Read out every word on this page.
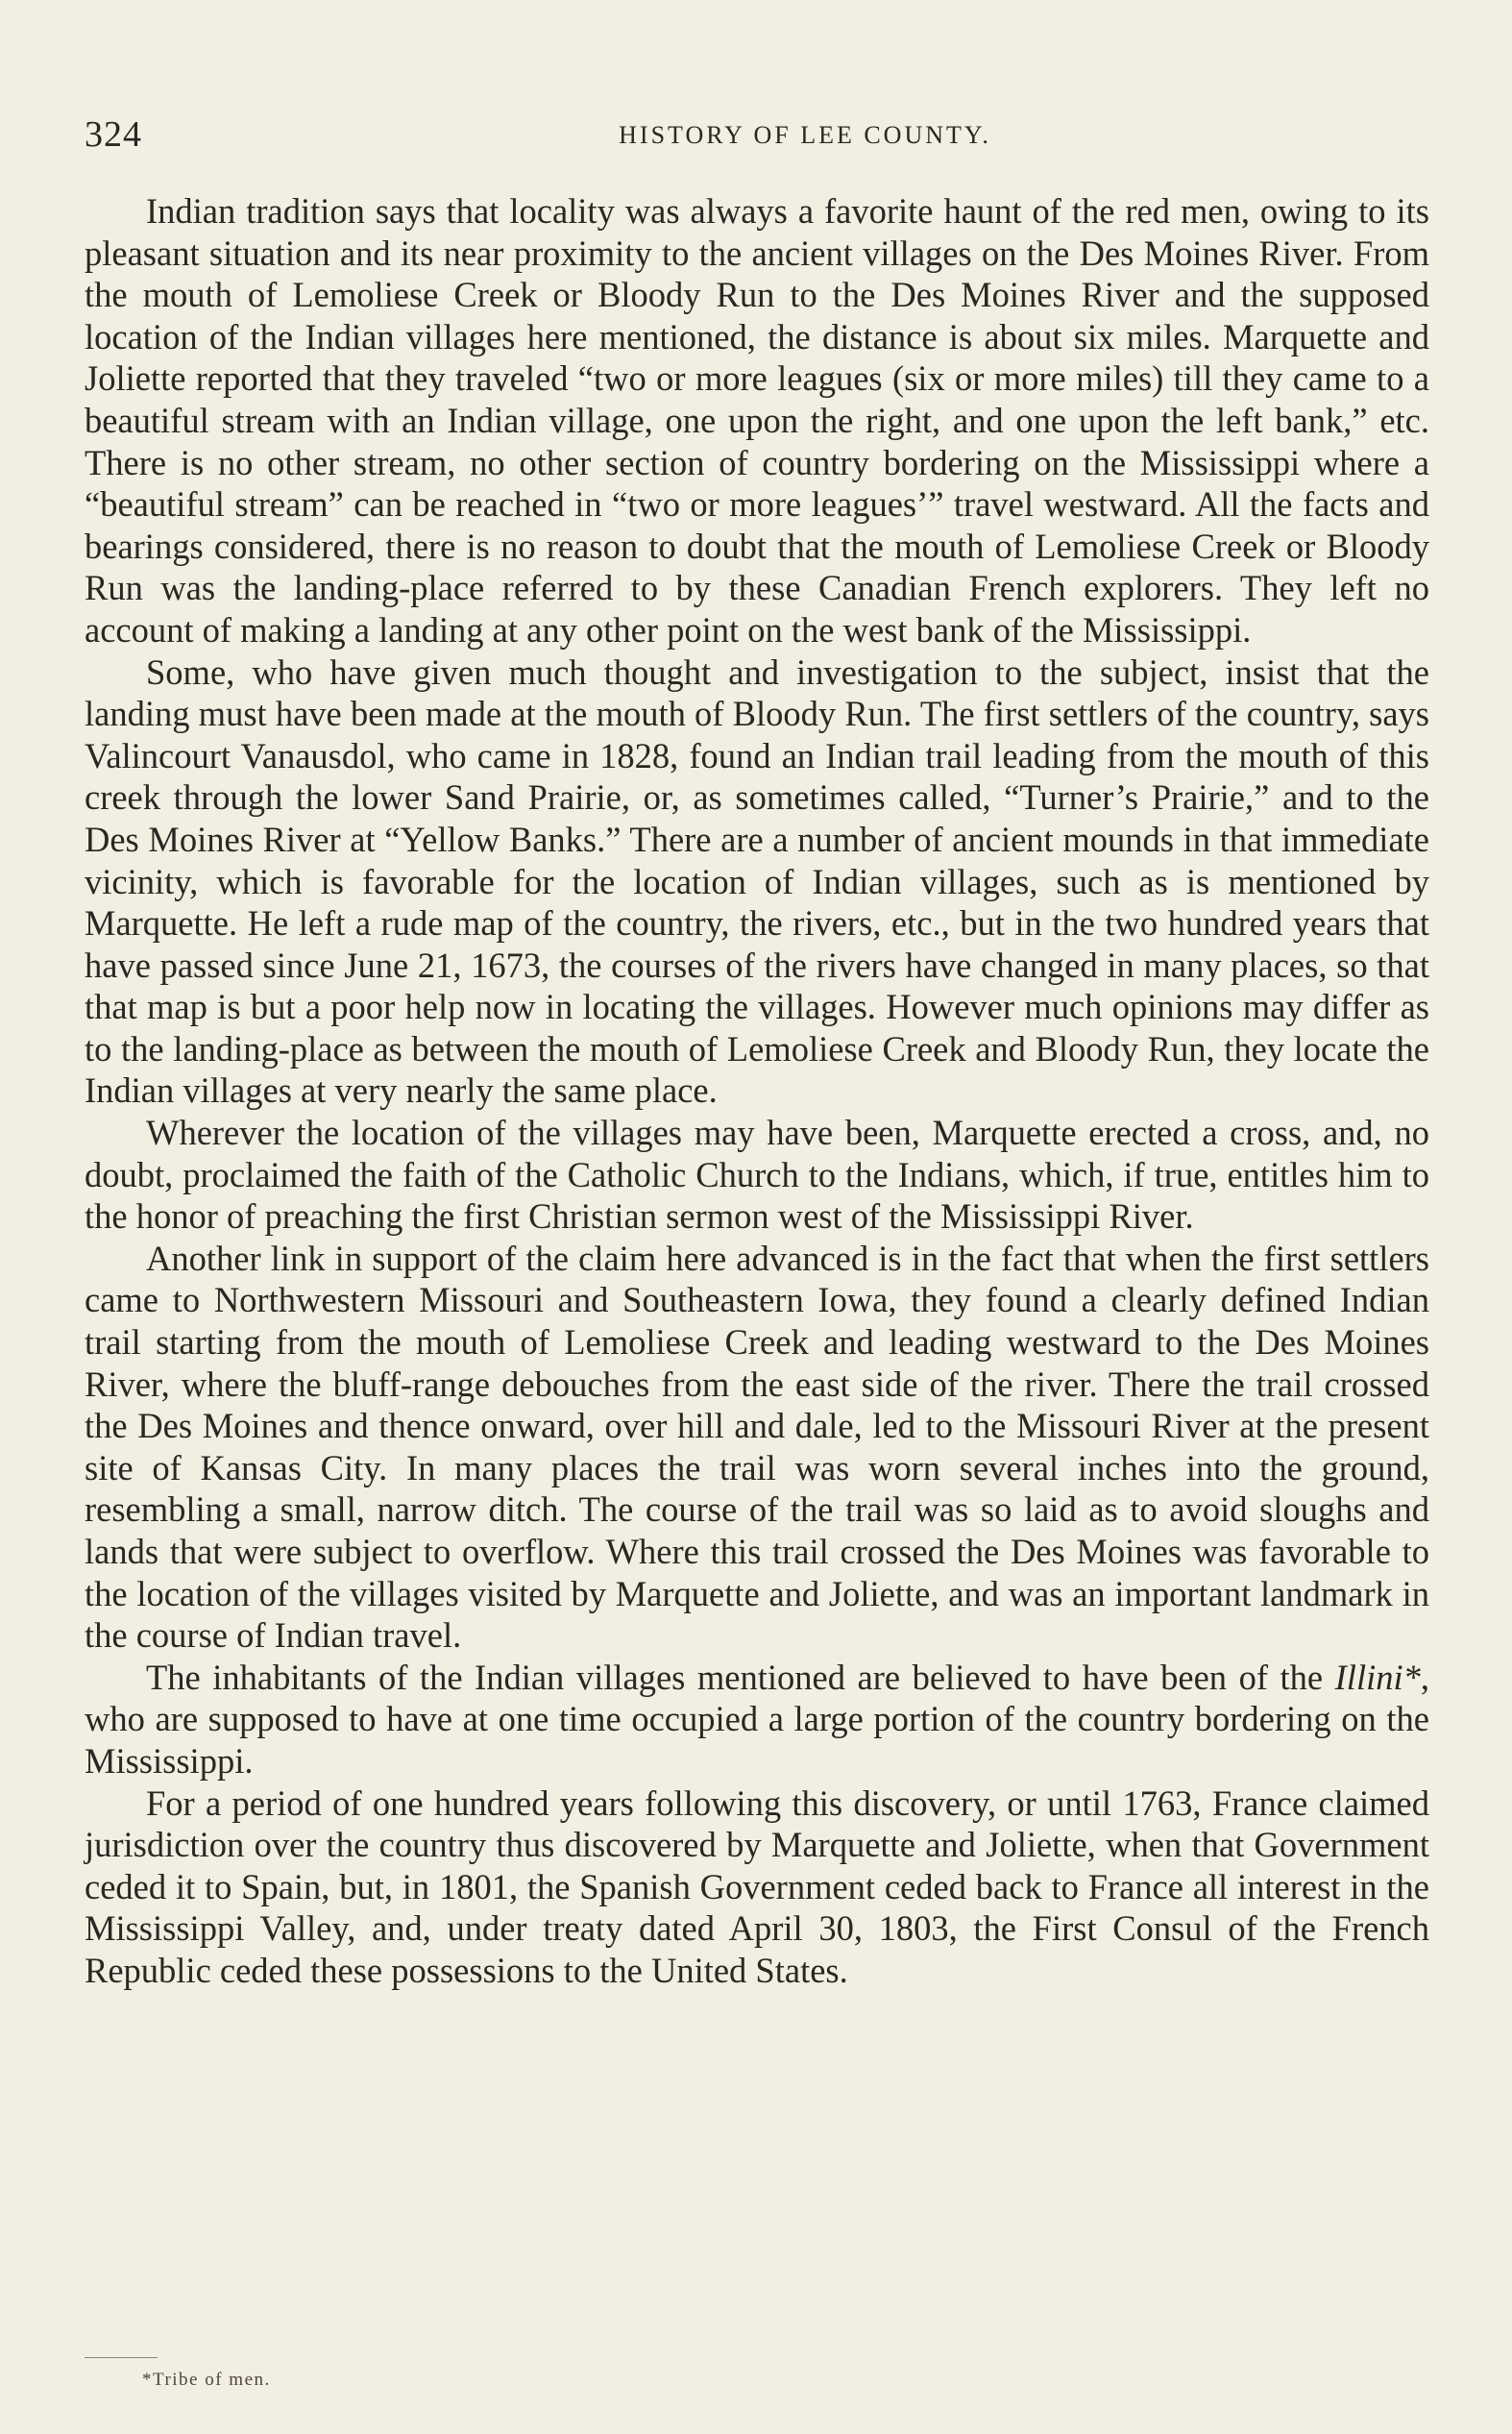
324	HISTORY OF LEE COUNTY.

Indian tradition says that locality was always a favorite haunt of the red men, owing to its pleasant situation and its near proximity to the ancient villages on the Des Moines River. From the mouth of Lemoliese Creek or Bloody Run to the Des Moines River and the supposed location of the Indian villages here mentioned, the distance is about six miles. Marquette and Joliette reported that they traveled “two or more leagues (six or more miles) till they came to a beautiful stream with an Indian village, one upon the right, and one upon the left bank,” etc. There is no other stream, no other section of country bordering on the Mississippi where a “beautiful stream” can be reached in “two or more leagues’” travel westward. All the facts and bearings considered, there is no reason to doubt that the mouth of Lemoliese Creek or Bloody Run was the landing-place referred to by these Canadian French explorers. They left no account of making a landing at any other point on the west bank of the Mississippi.

Some, who have given much thought and investigation to the subject, insist that the landing must have been made at the mouth of Bloody Run. The first settlers of the country, says Valincourt Vanausdol, who came in 1828, found an Indian trail leading from the mouth of this creek through the lower Sand Prairie, or, as sometimes called, “Turner’s Prairie,” and to the Des Moines River at “Yellow Banks.” There are a number of ancient mounds in that immediate vicinity, which is favorable for the location of Indian villages, such as is mentioned by Marquette. He left a rude map of the country, the rivers, etc., but in the two hundred years that have passed since June 21, 1673, the courses of the rivers have changed in many places, so that that map is but a poor help now in locating the villages. However much opinions may differ as to the landing-place as between the mouth of Lemoliese Creek and Bloody Run, they locate the Indian villages at very nearly the same place.

Wherever the location of the villages may have been, Marquette erected a cross, and, no doubt, proclaimed the faith of the Catholic Church to the Indians, which, if true, entitles him to the honor of preaching the first Christian sermon west of the Mississippi River.

Another link in support of the claim here advanced is in the fact that when the first settlers came to Northwestern Missouri and Southeastern Iowa, they found a clearly defined Indian trail starting from the mouth of Lemoliese Creek and leading westward to the Des Moines River, where the bluff-range debouches from the east side of the river. There the trail crossed the Des Moines and thence onward, over hill and dale, led to the Missouri River at the present site of Kansas City. In many places the trail was worn several inches into the ground, resembling a small, narrow ditch. The course of the trail was so laid as to avoid sloughs and lands that were subject to overflow. Where this trail crossed the Des Moines was favorable to the location of the villages visited by Marquette and Joliette, and was an important landmark in the course of Indian travel.

The inhabitants of the Indian villages mentioned are believed to have been of the Illini*, who are supposed to have at one time occupied a large portion of the country bordering on the Mississippi.

For a period of one hundred years following this discovery, or until 1763, France claimed jurisdiction over the country thus discovered by Marquette and Joliette, when that Government ceded it to Spain, but, in 1801, the Spanish Government ceded back to France all interest in the Mississippi Valley, and, under treaty dated April 30, 1803, the First Consul of the French Republic ceded these possessions to the United States.

*Tribe of men.
